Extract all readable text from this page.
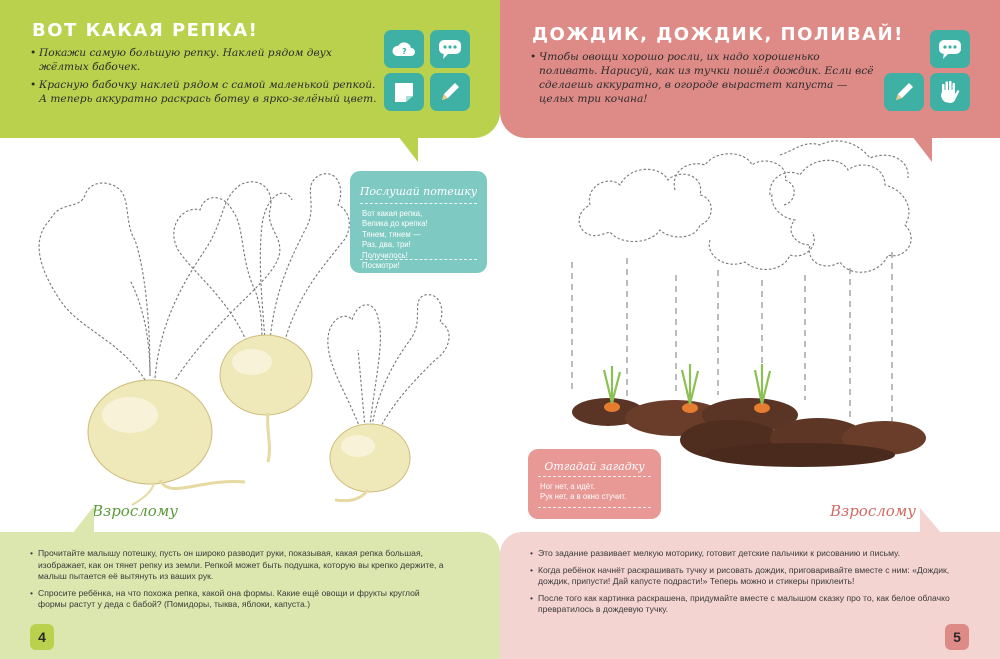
ВОТ КАКАЯ РЕПКА!
• Покажи самую большую репку. Наклей рядом двух жёлтых бабочек.
• Красную бабочку наклей рядом с самой маленькой репкой. А теперь аккуратно раскрась ботву в ярко-зелёный цвет.
?
Послушай потешку
Вот какая репка,
Велика до крепка!
Тянем, тянем —
Раз, два, три!
Получилось!
Посмотри!
Взрослому
• Прочитайте малышу потешку, пусть он широко разводит руки, показывая, какая репка большая, изображает, как он тянет репку из земли. Репкой может быть подушка, которую вы крепко держите, а малыш пытается её вытянуть из ваших рук.
• Спросите ребёнка, на что похожа репка, какой она формы. Какие ещё овощи и фрукты круглой формы растут у деда с бабой? (Помидоры, тыква, яблоки, капуста.)
ДОЖДИК, ДОЖДИК, ПОЛИВАЙ!
• Чтобы овощи хорошо росли, их надо хорошенько поливать. Нарисуй, как из тучки пошёл дождик. Если всё сделаешь аккуратно, в огороде вырастет капуста — целых три кочана!
Отгадай загадку
Ног нет, а идёт.
Рук нет, а в окно стучит.
Взрослому
• Это задание развивает мелкую моторику, готовит детские пальчики к рисованию и письму.
• Когда ребёнок начнёт раскрашивать тучку и рисовать дождик, приговаривайте вместе с ним: «Дождик, дождик, припусти! Дай капусте подрасти!» Теперь можно и стикеры приклеить!
• После того как картинка раскрашена, придумайте вместе с малышом сказку про то, как белое облачко превратилось в дождевую тучку.
4	5
